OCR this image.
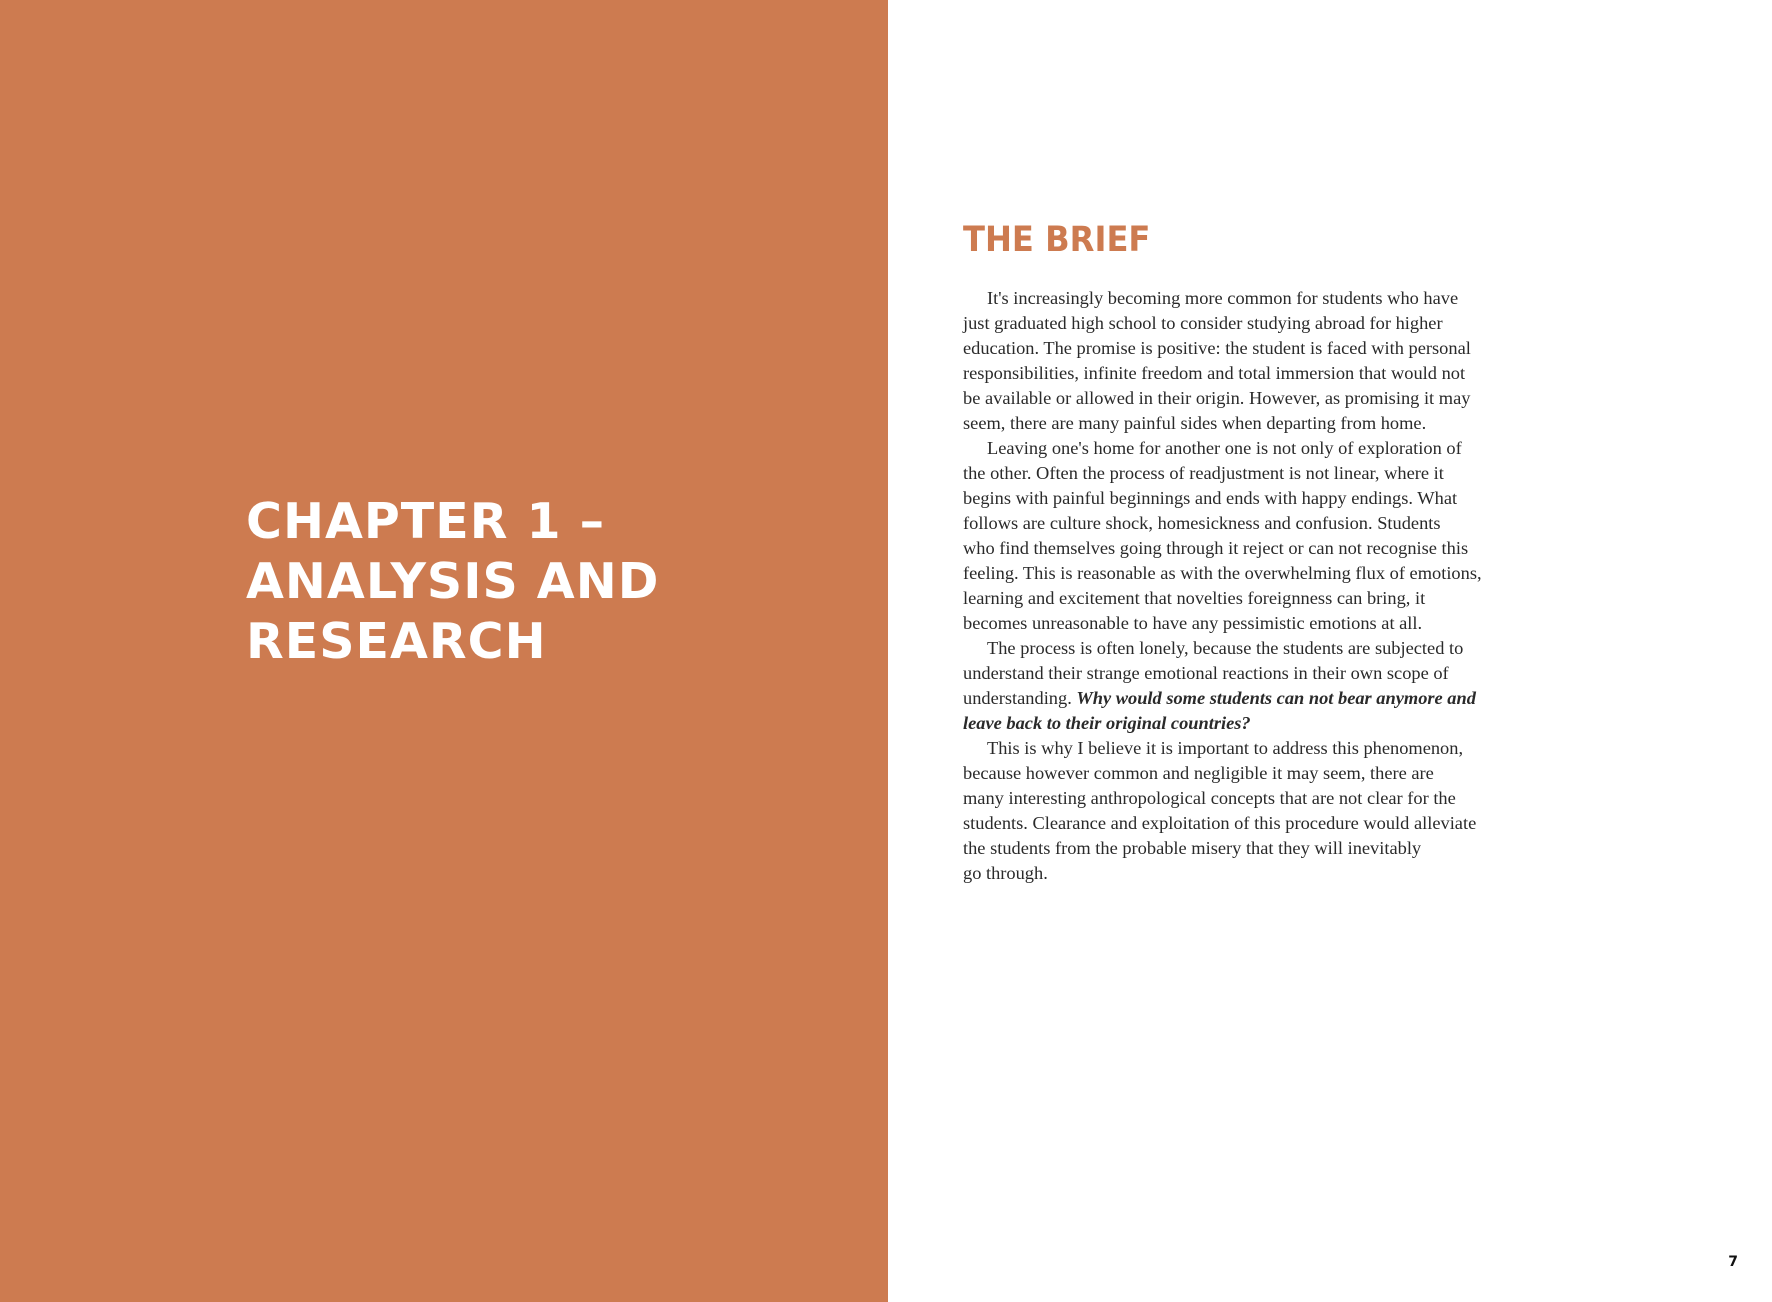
CHAPTER 1 –
ANALYSIS AND
RESEARCH
THE BRIEF
It's increasingly becoming more common for students who have
just graduated high school to consider studying abroad for higher
education. The promise is positive: the student is faced with personal
responsibilities, infinite freedom and total immersion that would not
be available or allowed in their origin. However, as promising it may
seem, there are many painful sides when departing from home.
Leaving one's home for another one is not only of exploration of
the other. Often the process of readjustment is not linear, where it
begins with painful beginnings and ends with happy endings. What
follows are culture shock, homesickness and confusion. Students
who find themselves going through it reject or can not recognise this
feeling. This is reasonable as with the overwhelming flux of emotions,
learning and excitement that novelties foreignness can bring, it
becomes unreasonable to have any pessimistic emotions at all.
The process is often lonely, because the students are subjected to
understand their strange emotional reactions in their own scope of
understanding. Why would some students can not bear anymore and
leave back to their original countries?
This is why I believe it is important to address this phenomenon,
because however common and negligible it may seem, there are
many interesting anthropological concepts that are not clear for the
students. Clearance and exploitation of this procedure would alleviate
the students from the probable misery that they will inevitably
go through.
7
